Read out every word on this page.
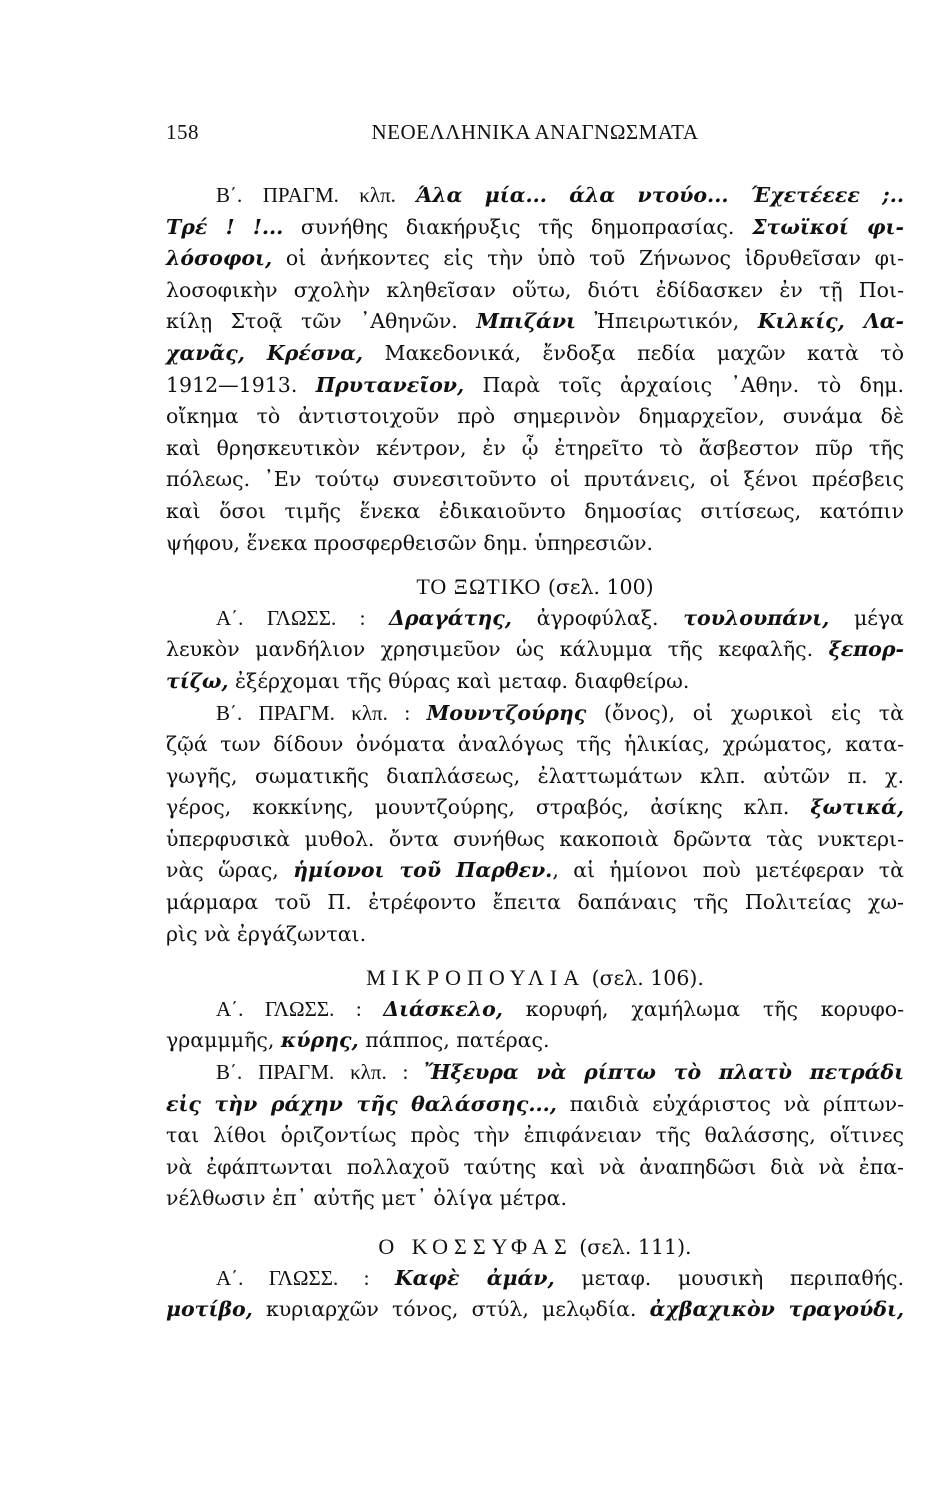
158	ΝΕΟΕΛΛΗΝΙΚΑ ΑΝΑΓΝΩΣΜΑΤΑ
Β΄. ΠΡΑΓΜ. κλπ. Άλα μία... άλα ντούο... Έχετέεεε ;..
Τρέ ! !... συνήθης διακήρυξις τῆς δημοπρασίας. Στωϊκοί φι-
λόσοφοι, οἱ ἀνήκοντες εἰς τὴν ὑπὸ τοῦ Ζήνωνος ἱδρυθεῖσαν φι-
λοσοφικὴν σχολὴν κληθεῖσαν οὕτω, διότι ἐδίδασκεν ἐν τῇ Ποι-
κίλῃ Στοᾷ τῶν ᾿Αθηνῶν. Μπιζάνι Ἠπειρωτικόν, Κιλκίς, Λα-
χανᾶς, Κρέσνα, Μακεδονικά, ἔνδοξα πεδία μαχῶν κατὰ τὸ
1912—1913. Πρυτανεῖον, Παρὰ τοῖς ἀρχαίοις ᾿Αθην. τὸ δημ.
οἴκημα τὸ ἀντιστοιχοῦν πρὸ σημερινὸν δημαρχεῖον, συνάμα δὲ
καὶ θρησκευτικὸν κέντρον, ἐν ᾧ ἐτηρεῖτο τὸ ἄσβεστον πῦρ τῆς
πόλεως. ᾿Εν τούτῳ συνεσιτοῦντο οἱ πρυτάνεις, οἱ ξένοι πρέσβεις
καὶ ὅσοι τιμῆς ἕνεκα ἐδικαιοῦντο δημοσίας σιτίσεως, κατόπιν
ψήφου, ἕνεκα προσφερθεισῶν δημ. ὑπηρεσιῶν.
ΤΟ ΞΩΤΙΚΟ (σελ. 100)
Α΄. ΓΛΩΣΣ. : Δραγάτης, ἀγροφύλαξ. τουλουπάνι, μέγα
λευκὸν μανδήλιον χρησιμεῦον ὡς κάλυμμα τῆς κεφαλῆς. ξεπορ-
τίζω, ἐξέρχομαι τῆς θύρας καὶ μεταφ. διαφθείρω.
Β΄. ΠΡΑΓΜ. κλπ. : Μουντζούρης (ὄνος), οἱ χωρικοὶ εἰς τὰ
ζῷά των δίδουν ὀνόματα ἀναλόγως τῆς ἡλικίας, χρώματος, κατα-
γωγῆς, σωματικῆς διαπλάσεως, ἐλαττωμάτων κλπ. αὐτῶν π. χ.
γέρος, κοκκίνης, μουντζούρης, στραβός, ἀσίκης κλπ. ξωτικά,
ὑπερφυσικὰ μυθολ. ὄντα συνήθως κακοποιὰ δρῶντα τὰς νυκτερι-
νὰς ὥρας, ἡμίονοι τοῦ Παρθεν., αἱ ἡμίονοι ποὺ μετέφεραν τὰ
μάρμαρα τοῦ Π. ἐτρέφοντο ἔπειτα δαπάναις τῆς Πολιτείας χω-
ρὶς νὰ ἐργάζωνται.
ΜΙΚΡΟΠΟΥΛΙΑ (σελ. 106).
Α΄. ΓΛΩΣΣ. : Διάσκελο, κορυφή, χαμήλωμα τῆς κορυφο-
γραμμμῆς, κύρης, πάππος, πατέρας.
Β΄. ΠΡΑΓΜ. κλπ. : Ἤξευρα νὰ ρίπτω τὸ πλατὺ πετράδι
εἰς τὴν ράχην τῆς θαλάσσης..., παιδιὰ εὐχάριστος νὰ ρίπτων-
ται λίθοι ὁριζοντίως πρὸς τὴν ἐπιφάνειαν τῆς θαλάσσης, οἵτινες
νὰ ἐφάπτωνται πολλαχοῦ ταύτης καὶ νὰ ἀναπηδῶσι διὰ νὰ ἐπα-
νέλθωσιν ἐπ᾿ αὐτῆς μετ᾿ ὀλίγα μέτρα.
Ο ΚΟΣΣΥΦΑΣ (σελ. 111).
Α΄. ΓΛΩΣΣ. : Καφὲ ἀμάν, μεταφ. μουσικὴ περιπαθής.
μοτίβο, κυριαρχῶν τόνος, στύλ, μελῳδία. ἀχβαχικὸν τραγούδι,
